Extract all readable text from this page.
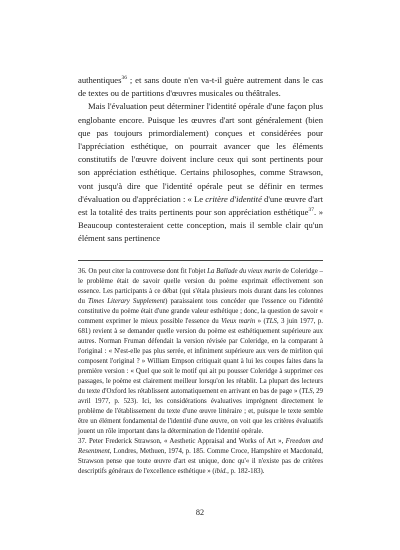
authentiques$^{36}$ ; et sans doute n'en va-t-il guère autrement dans le cas de textes ou de partitions d'œuvres musicales ou théâtrales.

Mais l'évaluation peut déterminer l'identité opérale d'une façon plus englobante encore. Puisque les œuvres d'art sont généralement (bien que pas toujours primordialement) conçues et considérées pour l'appréciation esthétique, on pourrait avancer que les éléments constitutifs de l'œuvre doivent inclure ceux qui sont pertinents pour son appréciation esthétique. Certains philosophes, comme Strawson, vont jusqu'à dire que l'identité opérale peut se définir en termes d'évaluation ou d'appréciation : « Le critère d'identité d'une œuvre d'art est la totalité des traits pertinents pour son appréciation esthétique$^{37}$. » Beaucoup contesteraient cette conception, mais il semble clair qu'un élément sans pertinence

36. On peut citer la controverse dont fit l'objet La Ballade du vieux marin de Coleridge – le problème était de savoir quelle version du poème exprimait effectivement son essence. Les participants à ce débat (qui s'étala plusieurs mois durant dans les colonnes du Times Literary Supplement) paraissaient tous concéder que l'essence ou l'identité constitutive du poème était d'une grande valeur esthétique ; donc, la question de savoir « comment exprimer le mieux possible l'essence du Vieux marin » (TLS, 3 juin 1977, p. 681) revient à se demander quelle version du poème est esthétiquement supérieure aux autres. Norman Fruman défendait la version révisée par Coleridge, en la comparant à l'original : « N'est-elle pas plus serrée, et infiniment supérieure aux vers de mirliton qui composent l'original ? » William Empson critiquait quant à lui les coupes faites dans la première version : « Quel que soit le motif qui ait pu pousser Coleridge à supprimer ces passages, le poème est clairement meilleur lorsqu'on les rétablit. La plupart des lecteurs du texte d'Oxford les rétablissent automatiquement en arrivant en bas de page » (TLS, 29 avril 1977, p. 523). Ici, les considérations évaluatives imprègnent directement le problème de l'établissement du texte d'une œuvre littéraire ; et, puisque le texte semble être un élément fondamental de l'identité d'une œuvre, on voit que les critères évaluatifs jouent un rôle important dans la détermination de l'identité opérale.

37. Peter Frederick Strawson, « Aesthetic Appraisal and Works of Art », Freedom and Resentment, Londres, Methuen, 1974, p. 185. Comme Croce, Hampshire et Macdonald, Strawson pense que toute œuvre d'art est unique, donc qu'« il n'existe pas de critères descriptifs généraux de l'excellence esthétique » (ibid., p. 182-183).

82
